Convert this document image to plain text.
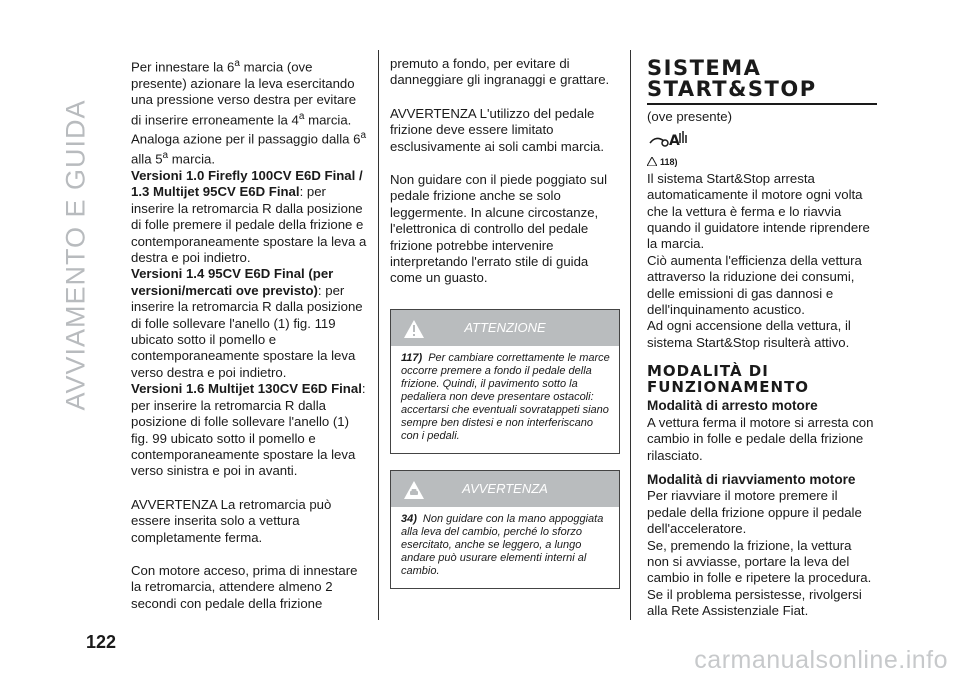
AVVIAMENTO E GUIDA
122

Per innestare la 6$^a$ marcia (ove presente) azionare la leva esercitando una pressione verso destra per evitare di inserire erroneamente la 4$^a$ marcia. Analoga azione per il passaggio dalla 6$^a$ alla 5$^a$ marcia.

Versioni 1.0 Firefly 100CV E6D Final / 1.3 Multijet 95CV E6D Final: per inserire la retromarcia R dalla posizione di folle premere il pedale della frizione e contemporaneamente spostare la leva a destra e poi indietro.

Versioni 1.4 95CV E6D Final (per versioni/mercati ove previsto): per inserire la retromarcia R dalla posizione di folle sollevare l'anello (1) fig. 119 ubicato sotto il pomello e contemporaneamente spostare la leva verso destra e poi indietro.

Versioni 1.6 Multijet 130CV E6D Final: per inserire la retromarcia R dalla posizione di folle sollevare l'anello (1) fig. 99 ubicato sotto il pomello e contemporaneamente spostare la leva verso sinistra e poi in avanti.

AVVERTENZA La retromarcia può essere inserita solo a vettura completamente ferma.

Con motore acceso, prima di innestare la retromarcia, attendere almeno 2 secondi con pedale della frizione

premuto a fondo, per evitare di danneggiare gli ingranaggi e grattare.

AVVERTENZA L'utilizzo del pedale frizione deve essere limitato esclusivamente ai soli cambi marcia.

Non guidare con il piede poggiato sul pedale frizione anche se solo leggermente. In alcune circostanze, l'elettronica di controllo del pedale frizione potrebbe intervenire interpretando l'errato stile di guida come un guasto.

ATTENZIONE
117) Per cambiare correttamente le marce occorre premere a fondo il pedale della frizione. Quindi, il pavimento sotto la pedaliera non deve presentare ostacoli: accertarsi che eventuali sovratappeti siano sempre ben distesi e non interferiscano con i pedali.
AVVERTENZA
34) Non guidare con la mano appoggiata alla leva del cambio, perché lo sforzo esercitato, anche se leggero, a lungo andare può usurare elementi interni al cambio.
SISTEMA
START&STOP

(ove presente)

A
118)

Il sistema Start&Stop arresta automaticamente il motore ogni volta che la vettura è ferma e lo riavvia quando il guidatore intende riprendere la marcia.

Ciò aumenta l'efficienza della vettura attraverso la riduzione dei consumi, delle emissioni di gas dannosi e dell'inquinamento acustico.

Ad ogni accensione della vettura, il sistema Start&Stop risulterà attivo.

MODALITÀ DI
FUNZIONAMENTO
Modalità di arresto motore

A vettura ferma il motore si arresta con cambio in folle e pedale della frizione rilasciato.

Modalità di riavviamento motore

Per riavviare il motore premere il pedale della frizione oppure il pedale dell'acceleratore.

Se, premendo la frizione, la vettura non si avviasse, portare la leva del cambio in folle e ripetere la procedura. Se il problema persistesse, rivolgersi alla Rete Assistenziale Fiat.

carmanualsonline.info
